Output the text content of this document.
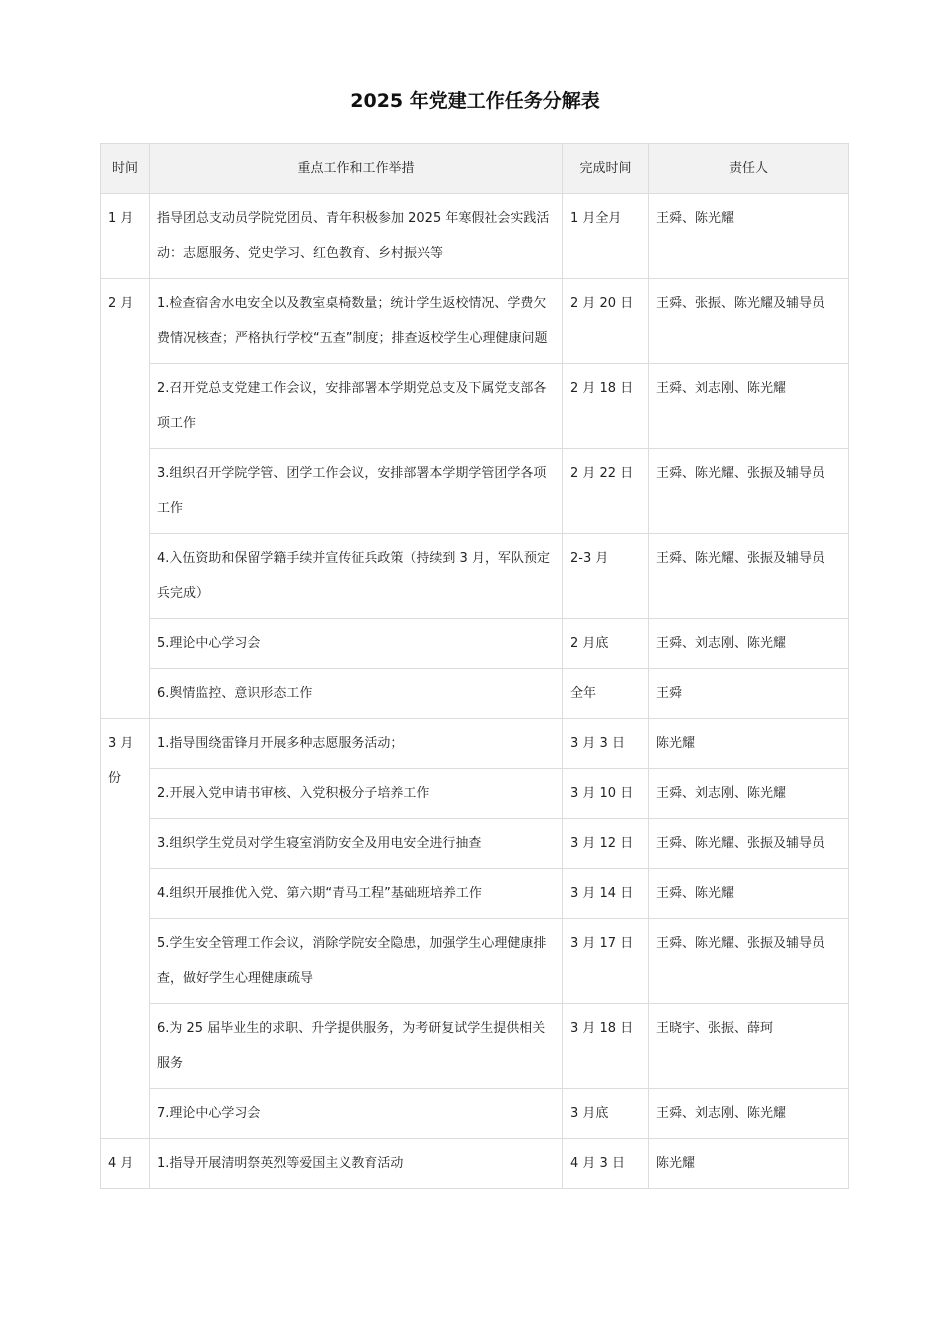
2025 年党建工作任务分解表
时间	重点工作和工作举措	完成时间	责任人
1 月	指导团总支动员学院党团员、青年积极参加 2025 年寒假社会实践活动：志愿服务、党史学习、红色教育、乡村振兴等	1 月全月	王舜、陈光耀
2 月	1.检查宿舍水电安全以及教室桌椅数量；统计学生返校情况、学费欠费情况核查；严格执行学校“五查”制度；排查返校学生心理健康问题	2 月 20 日	王舜、张振、陈光耀及辅导员
	2.召开党总支党建工作会议，安排部署本学期党总支及下属党支部各项工作	2 月 18 日	王舜、刘志刚、陈光耀
	3.组织召开学院学管、团学工作会议，安排部署本学期学管团学各项工作	2 月 22 日	王舜、陈光耀、张振及辅导员
	4.入伍资助和保留学籍手续并宣传征兵政策（持续到 3 月，军队预定兵完成）	2-3 月	王舜、陈光耀、张振及辅导员
	5.理论中心学习会	2 月底	王舜、刘志刚、陈光耀
	6.舆情监控、意识形态工作	全年	王舜
3 月份	1.指导围绕雷锋月开展多种志愿服务活动；	3 月 3 日	陈光耀
	2.开展入党申请书审核、入党积极分子培养工作	3 月 10 日	王舜、刘志刚、陈光耀
	3.组织学生党员对学生寝室消防安全及用电安全进行抽查	3 月 12 日	王舜、陈光耀、张振及辅导员
	4.组织开展推优入党、第六期“青马工程”基础班培养工作	3 月 14 日	王舜、陈光耀
	5.学生安全管理工作会议，消除学院安全隐患，加强学生心理健康排查，做好学生心理健康疏导	3 月 17 日	王舜、陈光耀、张振及辅导员
	6.为 25 届毕业生的求职、升学提供服务，为考研复试学生提供相关服务	3 月 18 日	王晓宇、张振、薛珂
	7.理论中心学习会	3 月底	王舜、刘志刚、陈光耀
4 月	1.指导开展清明祭英烈等爱国主义教育活动	4 月 3 日	陈光耀
